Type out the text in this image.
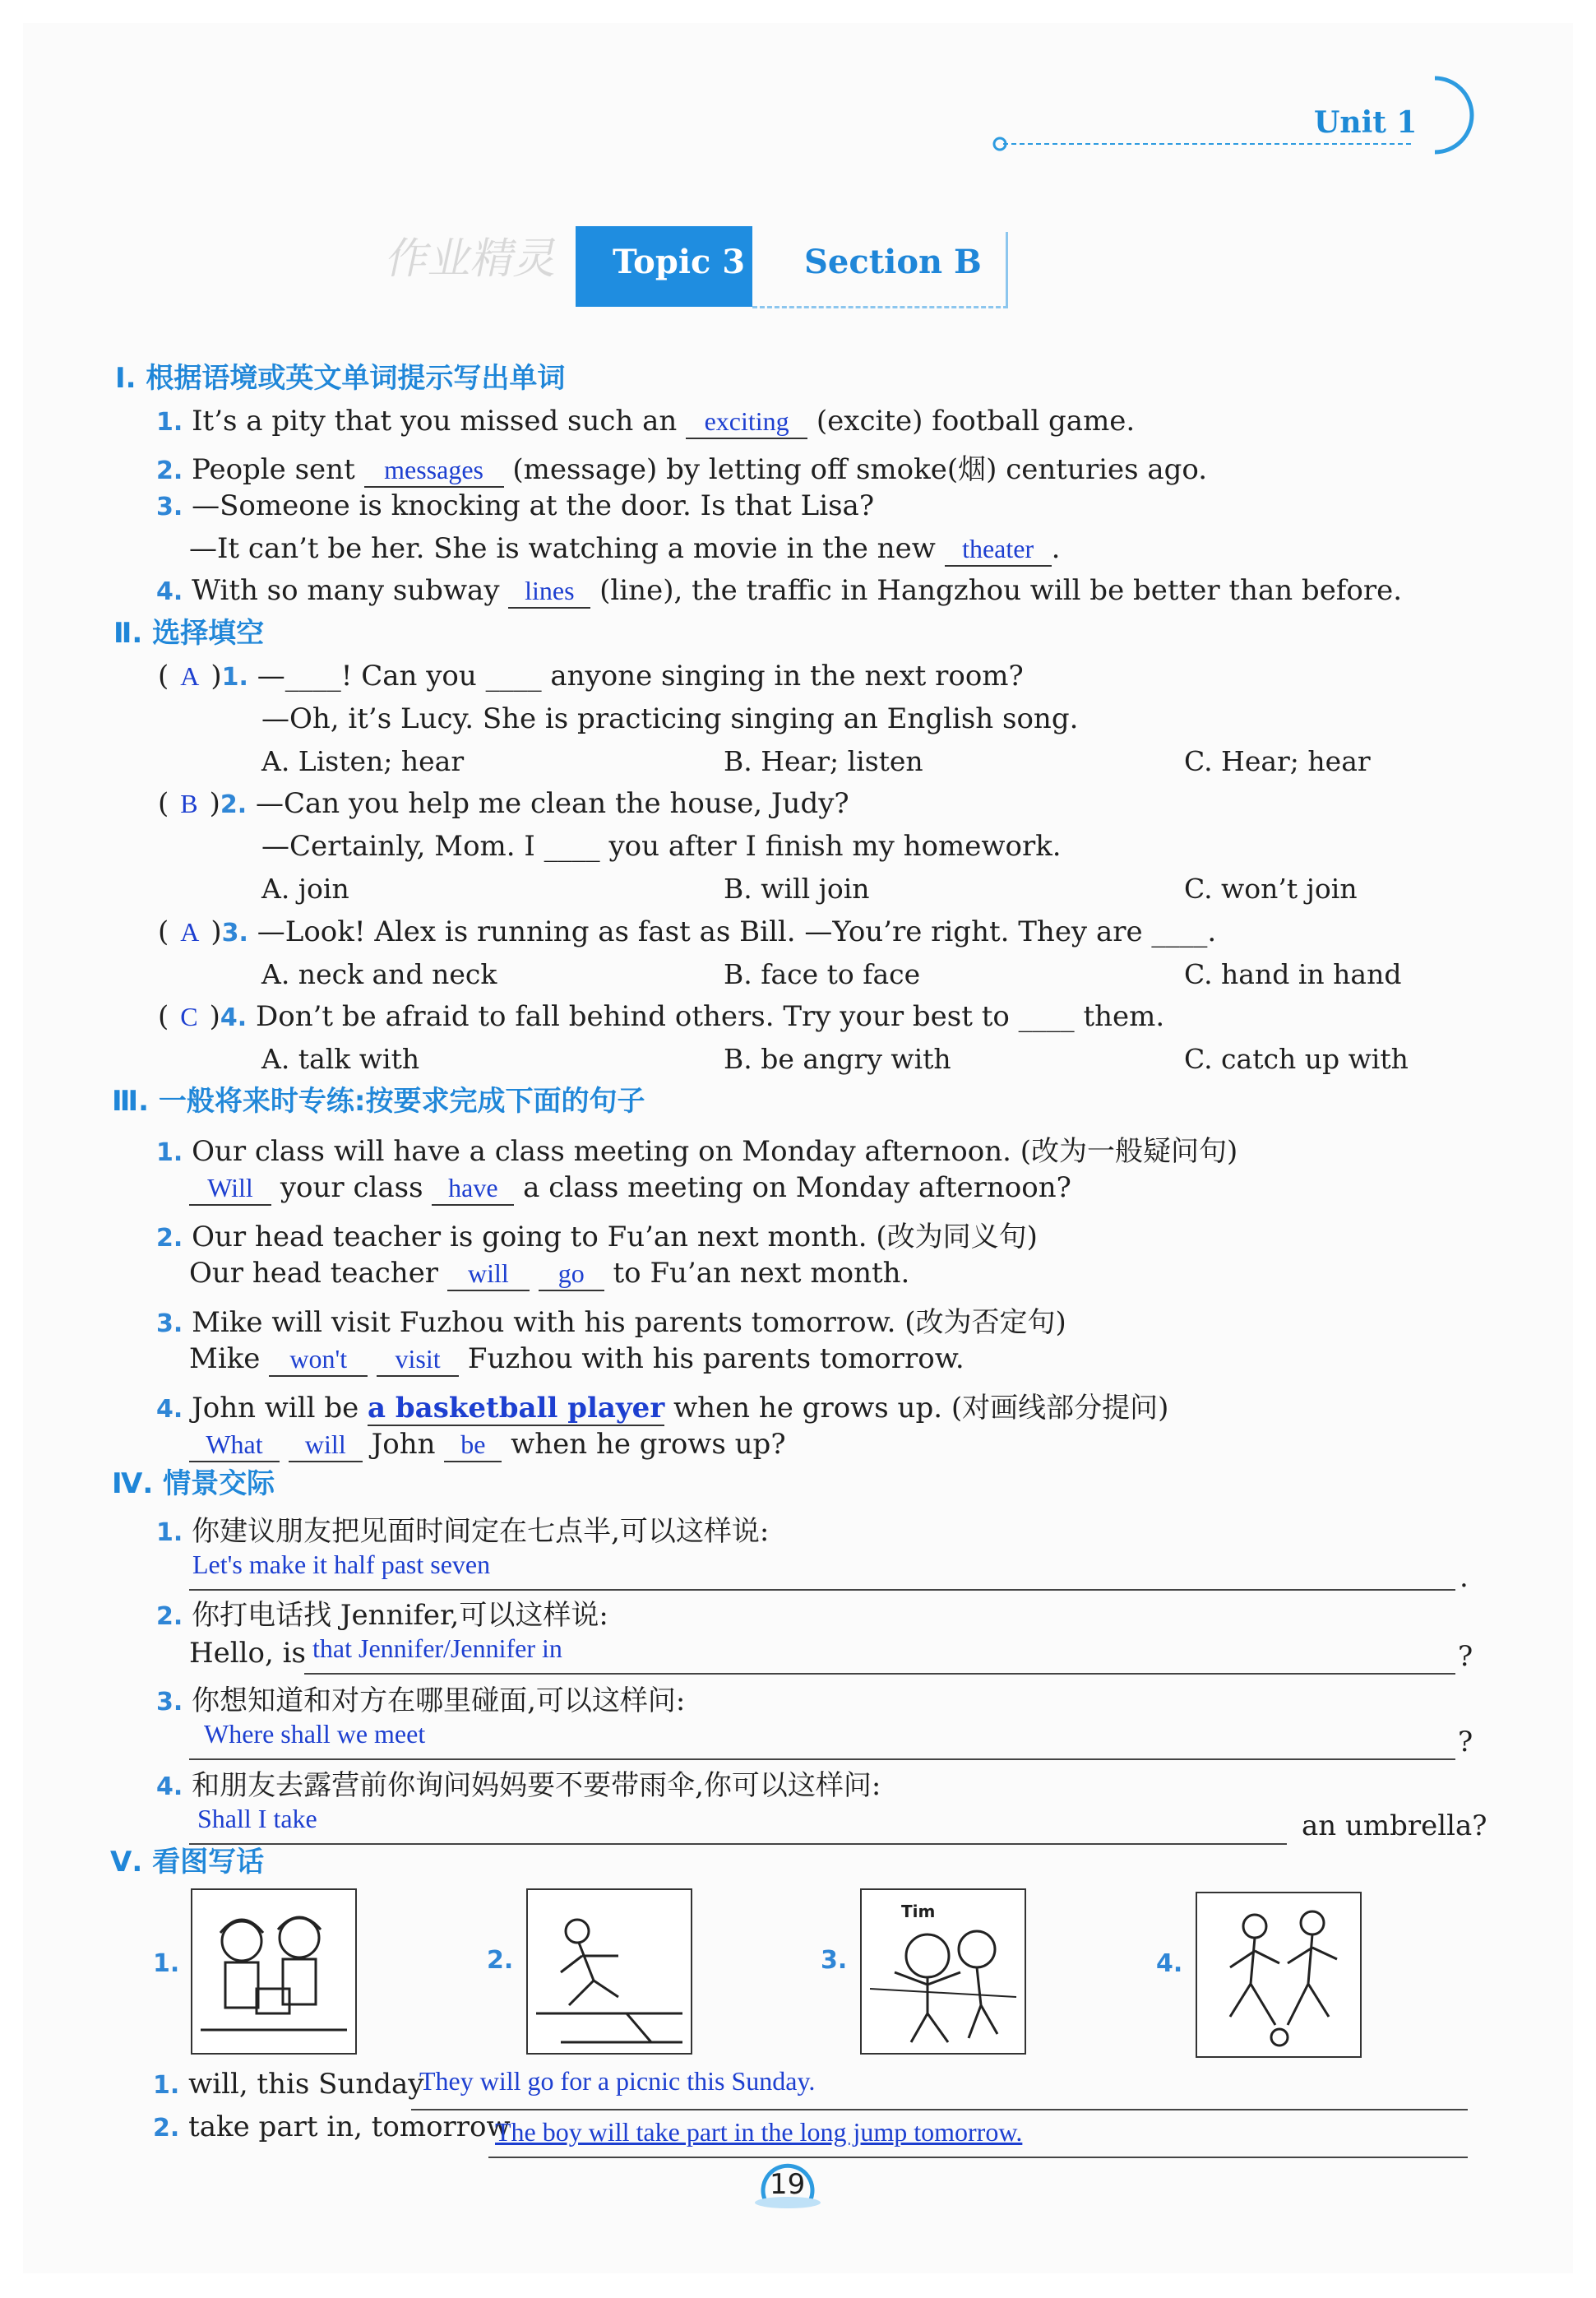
Unit 1
作业精灵 Topic 3 Section B
Ⅰ. 根据语境或英文单词提示写出单词
1. It’s a pity that you missed such an exciting (excite) football game.
2. People sent messages (message) by letting off smoke(烟) centuries ago.
3. —Someone is knocking at the door. Is that Lisa?
—It can’t be her. She is watching a movie in the new theater .
4. With so many subway lines (line), the traffic in Hangzhou will be better than before.
Ⅱ. 选择填空
( A )1. —____! Can you ____ anyone singing in the next room?
—Oh, it’s Lucy. She is practicing singing an English song.
A. Listen; hear	B. Hear; listen	C. Hear; hear
( B )2. —Can you help me clean the house, Judy?
—Certainly, Mom. I ____ you after I finish my homework.
A. join	B. will join	C. won’t join
( A )3. —Look! Alex is running as fast as Bill. —You’re right. They are ____.
A. neck and neck	B. face to face	C. hand in hand
( C )4. Don’t be afraid to fall behind others. Try your best to ____ them.
A. talk with	B. be angry with	C. catch up with
Ⅲ. 一般将来时专练:按要求完成下面的句子
1. Our class will have a class meeting on Monday afternoon. (改为一般疑问句)
Will your class have a class meeting on Monday afternoon?
2. Our head teacher is going to Fu’an next month. (改为同义句)
Our head teacher will go to Fu’an next month.
3. Mike will visit Fuzhou with his parents tomorrow. (改为否定句)
Mike won't visit Fuzhou with his parents tomorrow.
4. John will be a basketball player when he grows up. (对画线部分提问)
What will John be when he grows up?
Ⅳ. 情景交际
1. 你建议朋友把见面时间定在七点半,可以这样说:
Let's make it half past seven	.
2. 你打电话找 Jennifer,可以这样说:
Hello, is that Jennifer/Jennifer in	?
3. 你想知道和对方在哪里碰面,可以这样问:
Where shall we meet	?
4. 和朋友去露营前你询问妈妈要不要带雨伞,你可以这样问:
Shall I take	an umbrella?
Ⅴ. 看图写话
1.	2.	3.
Tim
4.
1. will, this Sunday
They will go for a picnic this Sunday.
2. take part in, tomorrow
The boy will take part in the long jump tomorrow.
19
